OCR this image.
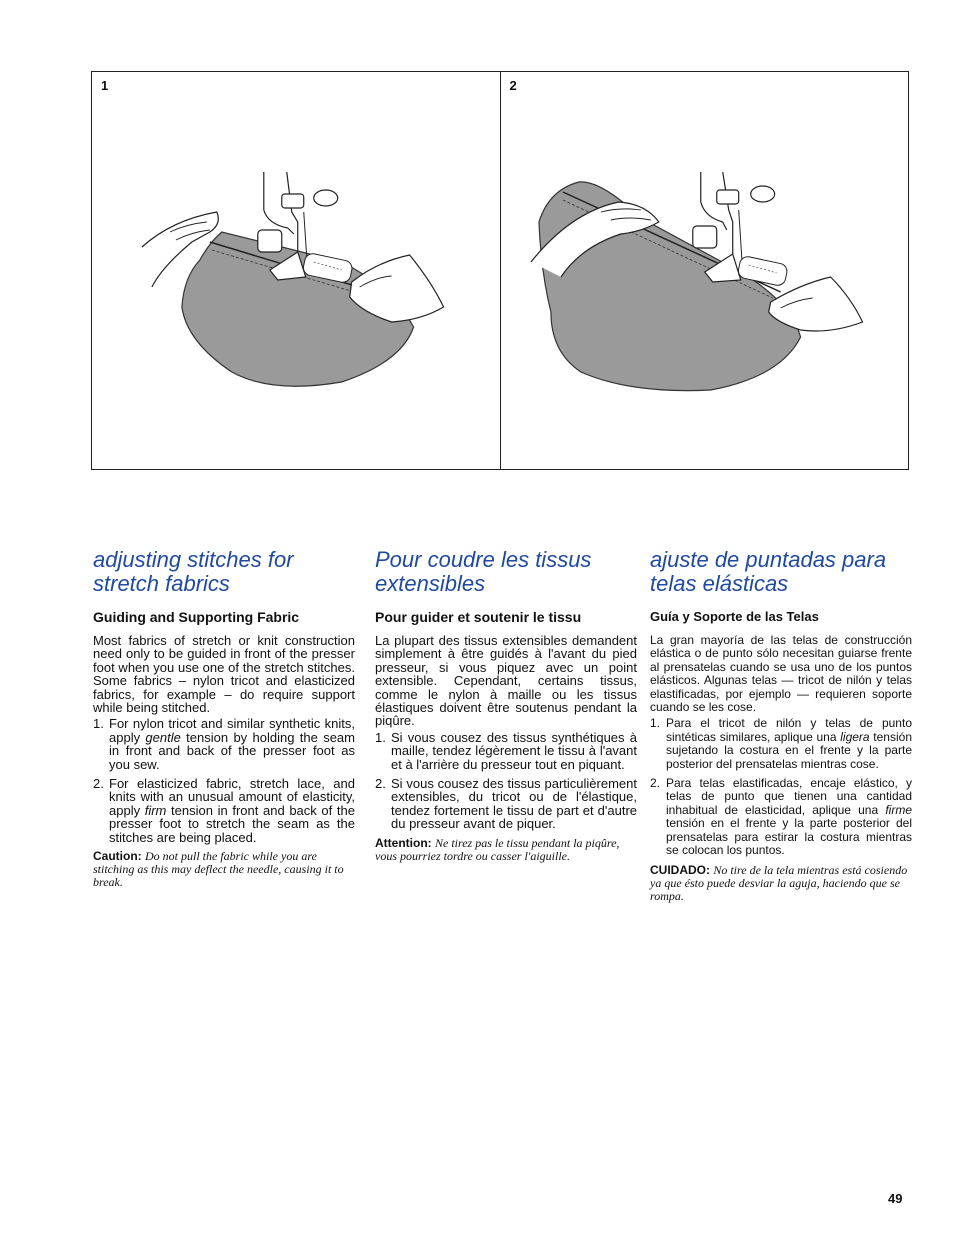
1	2
adjusting stitches for
stretch fabrics
Guiding and Supporting Fabric

Most fabrics of stretch or knit construction need only to be guided in front of the presser foot when you use one of the stretch stitches. Some fabrics – nylon tricot and elasticized fabrics, for example – do require support while being stitched.

1. For nylon tricot and similar synthetic knits, apply gentle tension by holding the seam in front and back of the presser foot as you sew.
2. For elasticized fabric, stretch lace, and knits with an unusual amount of elasticity, apply firm tension in front and back of the presser foot to stretch the seam as the stitches are being placed.

Caution: Do not pull the fabric while you are stitching as this may deflect the needle, causing it to break.

Pour coudre les tissus
extensibles
Pour guider et soutenir le tissu

La plupart des tissus extensibles demandent simplement à être guidés à l'avant du pied presseur, si vous piquez avec un point extensible. Cependant, certains tissus, comme le nylon à maille ou les tissus élastiques doivent être soutenus pendant la piqûre.

1. Si vous cousez des tissus synthétiques à maille, tendez légèrement le tissu à l'avant et à l'arrière du presseur tout en piquant.
2. Si vous cousez des tissus particulièrement extensibles, du tricot ou de l'élastique, tendez fortement le tissu de part et d'autre du presseur avant de piquer.

Attention: Ne tirez pas le tissu pendant la piqûre, vous pourriez tordre ou casser l'aiguille.

ajuste de puntadas para
telas elásticas
Guía y Soporte de las Telas

La gran mayoría de las telas de construcción elástica o de punto sólo necesitan guiarse frente al prensatelas cuando se usa uno de los puntos elásticos. Algunas telas — tricot de nilón y telas elastificadas, por ejemplo — requieren soporte cuando se les cose.

1. Para el tricot de nilón y telas de punto sintéticas similares, aplique una ligera tensión sujetando la costura en el frente y la parte posterior del prensatelas mientras cose.
2. Para telas elastificadas, encaje elástico, y telas de punto que tienen una cantidad inhabitual de elasticidad, aplique una firme tensión en el frente y la parte posterior del prensatelas para estirar la costura mientras se colocan los puntos.

CUIDADO: No tire de la tela mientras está cosiendo ya que ésto puede desviar la aguja, haciendo que se rompa.

49
